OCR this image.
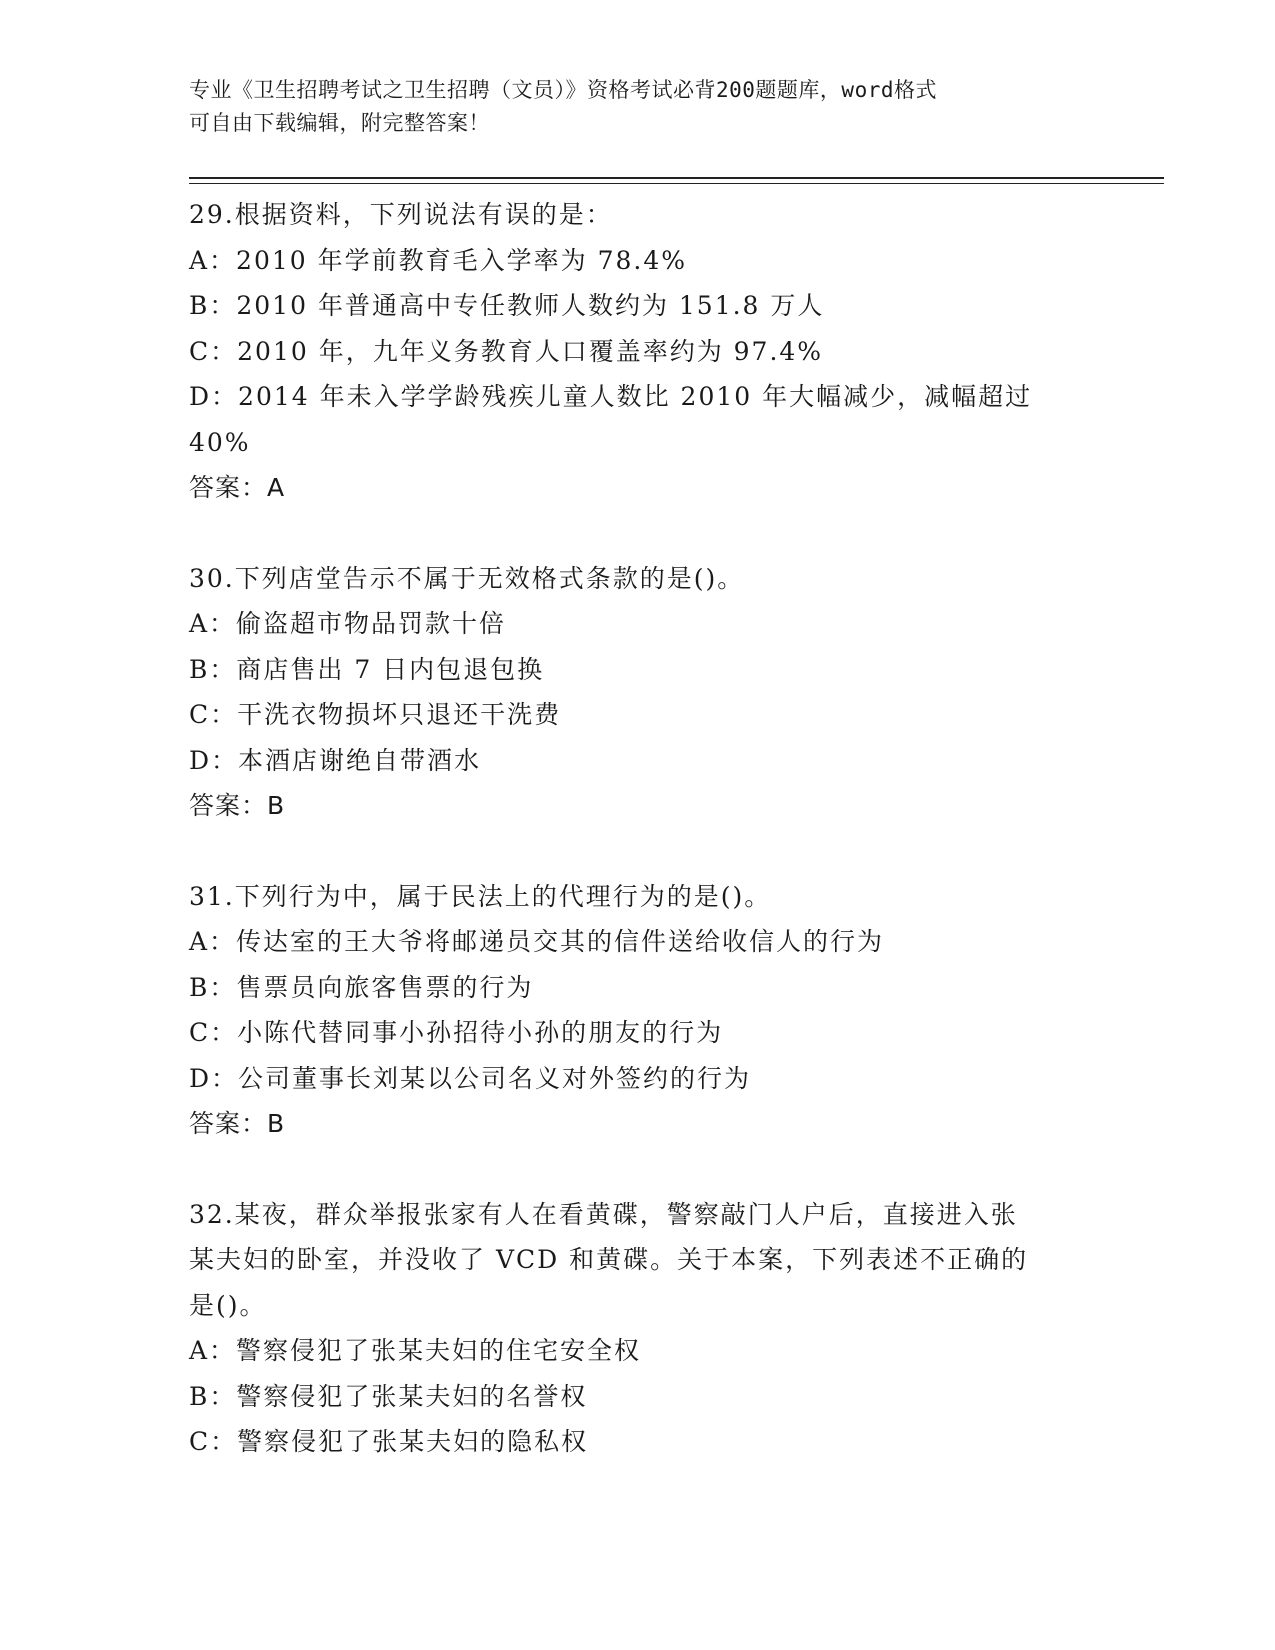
专业《卫生招聘考试之卫生招聘（文员）》资格考试必背200题题库，word格式
可自由下载编辑，附完整答案！
29.根据资料，下列说法有误的是：
A：2010 年学前教育毛入学率为 78.4%
B：2010 年普通高中专任教师人数约为 151.8 万人
C：2010 年，九年义务教育人口覆盖率约为 97.4%
D：2014 年未入学学龄残疾儿童人数比 2010 年大幅减少，减幅超过
40%
答案：A
30.下列店堂告示不属于无效格式条款的是()。
A：偷盗超市物品罚款十倍
B：商店售出 7 日内包退包换
C：干洗衣物损坏只退还干洗费
D：本酒店谢绝自带酒水
答案：B
31.下列行为中，属于民法上的代理行为的是()。
A：传达室的王大爷将邮递员交其的信件送给收信人的行为
B：售票员向旅客售票的行为
C：小陈代替同事小孙招待小孙的朋友的行为
D：公司董事长刘某以公司名义对外签约的行为
答案：B
32.某夜，群众举报张家有人在看黄碟，警察敲门人户后，直接进入张
某夫妇的卧室，并没收了 VCD 和黄碟。关于本案，下列表述不正确的
是()。
A：警察侵犯了张某夫妇的住宅安全权
B：警察侵犯了张某夫妇的名誉权
C：警察侵犯了张某夫妇的隐私权
